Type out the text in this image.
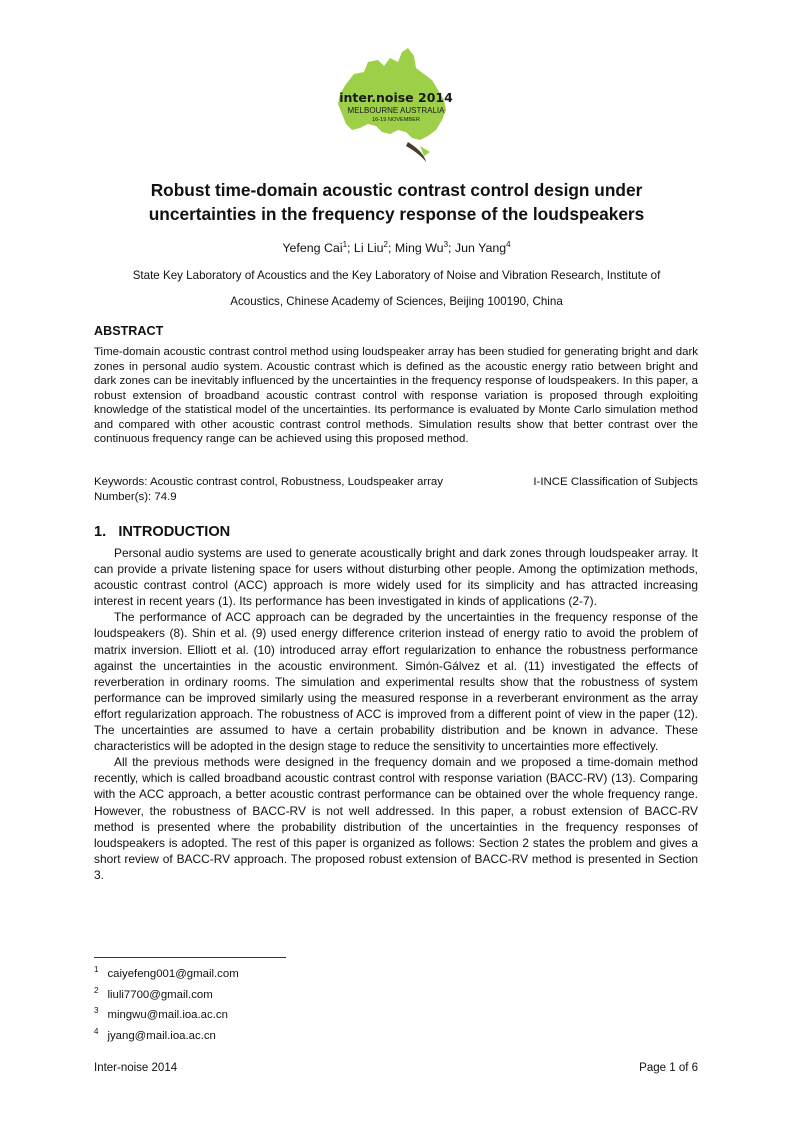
inter.noise 2014
MELBOURNE AUSTRALIA
16-19 NOVEMBER
Robust time-domain acoustic contrast control design under
uncertainties in the frequency response of the loudspeakers
Yefeng Cai$^1$; Li Liu$^2$; Ming Wu$^3$; Jun Yang$^4$
State Key Laboratory of Acoustics and the Key Laboratory of Noise and Vibration Research, Institute of
Acoustics, Chinese Academy of Sciences, Beijing 100190, China
ABSTRACT
Time-domain acoustic contrast control method using loudspeaker array has been studied for generating bright and dark zones in personal audio system. Acoustic contrast which is defined as the acoustic energy ratio between bright and dark zones can be inevitably influenced by the uncertainties in the frequency response of loudspeakers. In this paper, a robust extension of broadband acoustic contrast control with response variation is proposed through exploiting knowledge of the statistical model of the uncertainties. Its performance is evaluated by Monte Carlo simulation method and compared with other acoustic contrast control methods. Simulation results show that better contrast over the continuous frequency range can be achieved using this proposed method.
Keywords: Acoustic contrast control, Robustness, Loudspeaker array	I-INCE Classification of Subjects
Number(s): 74.9
1.   INTRODUCTION

Personal audio systems are used to generate acoustically bright and dark zones through loudspeaker array. It can provide a private listening space for users without disturbing other people. Among the optimization methods, acoustic contrast control (ACC) approach is more widely used for its simplicity and has attracted increasing interest in recent years (1). Its performance has been investigated in kinds of applications (2-7).

The performance of ACC approach can be degraded by the uncertainties in the frequency response of the loudspeakers (8). Shin et al. (9) used energy difference criterion instead of energy ratio to avoid the problem of matrix inversion. Elliott et al. (10) introduced array effort regularization to enhance the robustness performance against the uncertainties in the acoustic environment. Simón-Gálvez et al. (11) investigated the effects of reverberation in ordinary rooms. The simulation and experimental results show that the robustness of system performance can be improved similarly using the measured response in a reverberant environment as the array effort regularization approach. The robustness of ACC is improved from a different point of view in the paper (12). The uncertainties are assumed to have a certain probability distribution and be known in advance. These characteristics will be adopted in the design stage to reduce the sensitivity to uncertainties more effectively.

All the previous methods were designed in the frequency domain and we proposed a time-domain method recently, which is called broadband acoustic contrast control with response variation (BACC-RV) (13). Comparing with the ACC approach, a better acoustic contrast performance can be obtained over the whole frequency range. However, the robustness of BACC-RV is not well addressed. In this paper, a robust extension of BACC-RV method is presented where the probability distribution of the uncertainties in the frequency responses of loudspeakers is adopted. The rest of this paper is organized as follows: Section 2 states the problem and gives a short review of BACC-RV approach. The proposed robust extension of BACC-RV method is presented in Section 3.

$^1$ caiyefeng001@gmail.com
$^2$ liuli7700@gmail.com
$^3$ mingwu@mail.ioa.ac.cn
$^4$ jyang@mail.ioa.ac.cn
Inter-noise 2014	Page 1 of 6
